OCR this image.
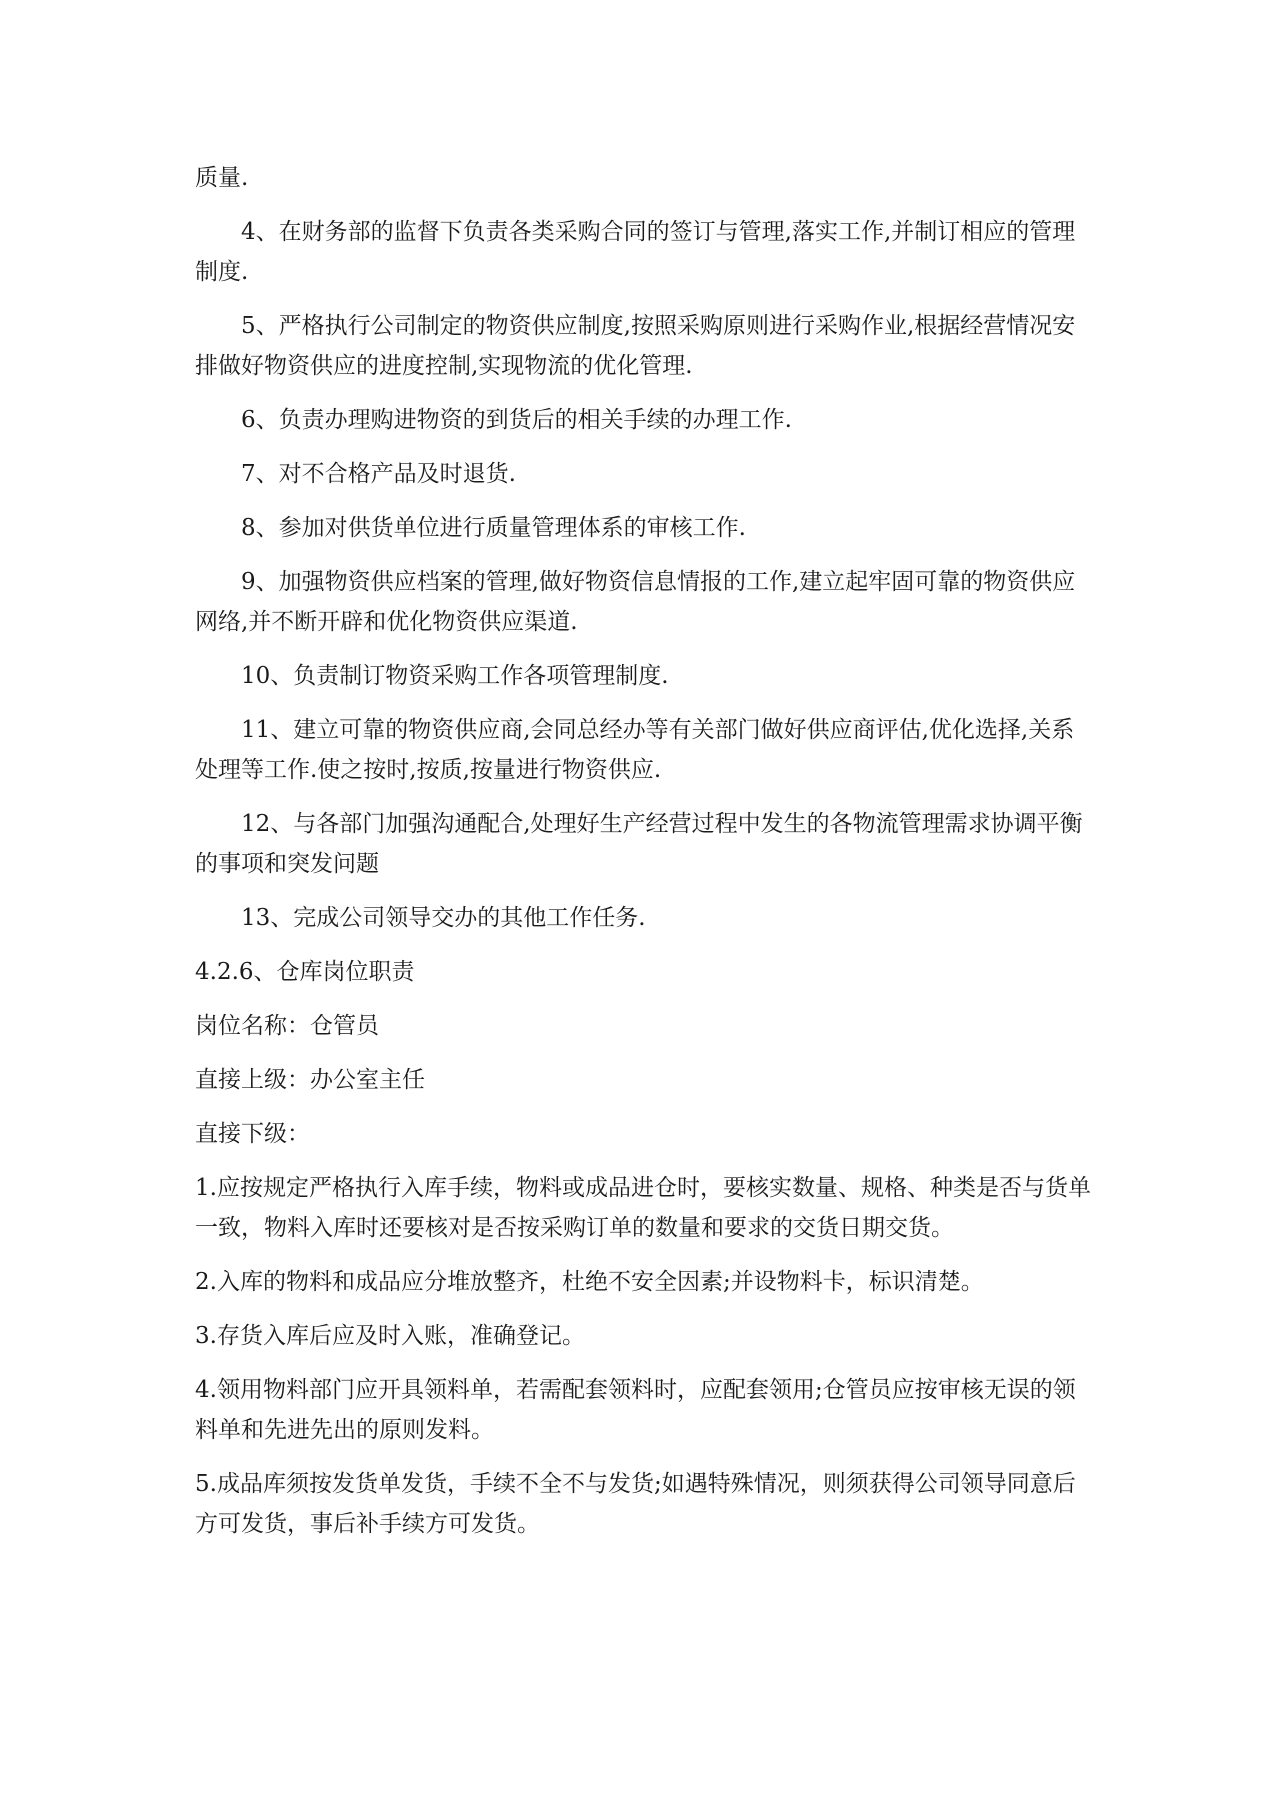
质量.

4、在财务部的监督下负责各类采购合同的签订与管理,落实工作,并制订相应的管理制度.

5、严格执行公司制定的物资供应制度,按照采购原则进行采购作业,根据经营情况安排做好物资供应的进度控制,实现物流的优化管理.

6、负责办理购进物资的到货后的相关手续的办理工作.

7、对不合格产品及时退货.

8、参加对供货单位进行质量管理体系的审核工作.

9、加强物资供应档案的管理,做好物资信息情报的工作,建立起牢固可靠的物资供应网络,并不断开辟和优化物资供应渠道.

10、负责制订物资采购工作各项管理制度.

11、建立可靠的物资供应商,会同总经办等有关部门做好供应商评估,优化选择,关系处理等工作.使之按时,按质,按量进行物资供应.

12、与各部门加强沟通配合,处理好生产经营过程中发生的各物流管理需求协调平衡的事项和突发问题

13、完成公司领导交办的其他工作任务.

4.2.6、仓库岗位职责

岗位名称：仓管员

直接上级：办公室主任

直接下级：

1.应按规定严格执行入库手续，物料或成品进仓时，要核实数量、规格、种类是否与货单一致，物料入库时还要核对是否按采购订单的数量和要求的交货日期交货。

2.入库的物料和成品应分堆放整齐，杜绝不安全因素;并设物料卡，标识清楚。

3.存货入库后应及时入账，准确登记。

4.领用物料部门应开具领料单，若需配套领料时，应配套领用;仓管员应按审核无误的领料单和先进先出的原则发料。

5.成品库须按发货单发货，手续不全不与发货;如遇特殊情况，则须获得公司领导同意后方可发货，事后补手续方可发货。
